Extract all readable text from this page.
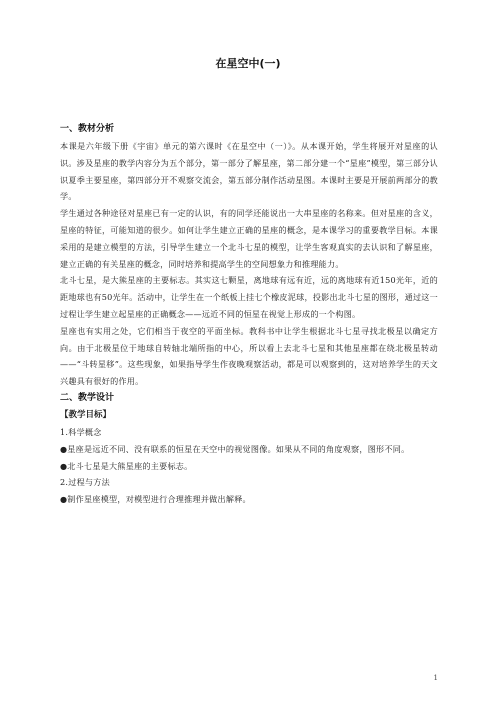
在星空中(一)

一、教材分析

本课是六年级下册《宇宙》单元的第六课时《在星空中（一）》。从本课开始，学生将展开对星座的认识。涉及星座的教学内容分为五个部分，第一部分了解星座，第二部分建一个“星座”模型，第三部分认识夏季主要星座，第四部分开不观察交流会，第五部分制作活动星图。本课时主要是开展前两部分的教学。

学生通过各种途径对星座已有一定的认识，有的同学还能说出一大串星座的名称来。但对星座的含义，星座的特征，可能知道的很少。如何让学生建立正确的星座的概念，是本课学习的重要教学目标。本课采用的是建立模型的方法，引导学生建立一个北斗七星的模型，让学生客观真实的去认识和了解星座，建立正确的有关星座的概念，同时培养和提高学生的空间想象力和推理能力。

北斗七星，是大熊星座的主要标志。其实这七颗星，离地球有远有近，远的离地球有近150光年，近的距地球也有50光年。活动中，让学生在一个纸板上挂七个橡皮泥球，投影出北斗七星的图形，通过这一过程让学生建立起星座的正确概念——远近不同的恒星在视觉上形成的一个构图。

星座也有实用之处，它们相当于夜空的平面坐标。教科书中让学生根据北斗七星寻找北极星以确定方向。由于北极星位于地球自转轴北端所指的中心，所以看上去北斗七星和其他星座都在绕北极星转动——“斗转星移”。这些现象，如果指导学生作夜晚观察活动，都是可以观察到的，这对培养学生的天文兴趣具有很好的作用。

二、教学设计

【教学目标】

1.科学概念

●星座是远近不同、没有联系的恒星在天空中的视觉图像。如果从不同的角度观察，图形不同。

●北斗七星是大熊星座的主要标志。

2.过程与方法

●制作星座模型，对模型进行合理推理并做出解释。

1
